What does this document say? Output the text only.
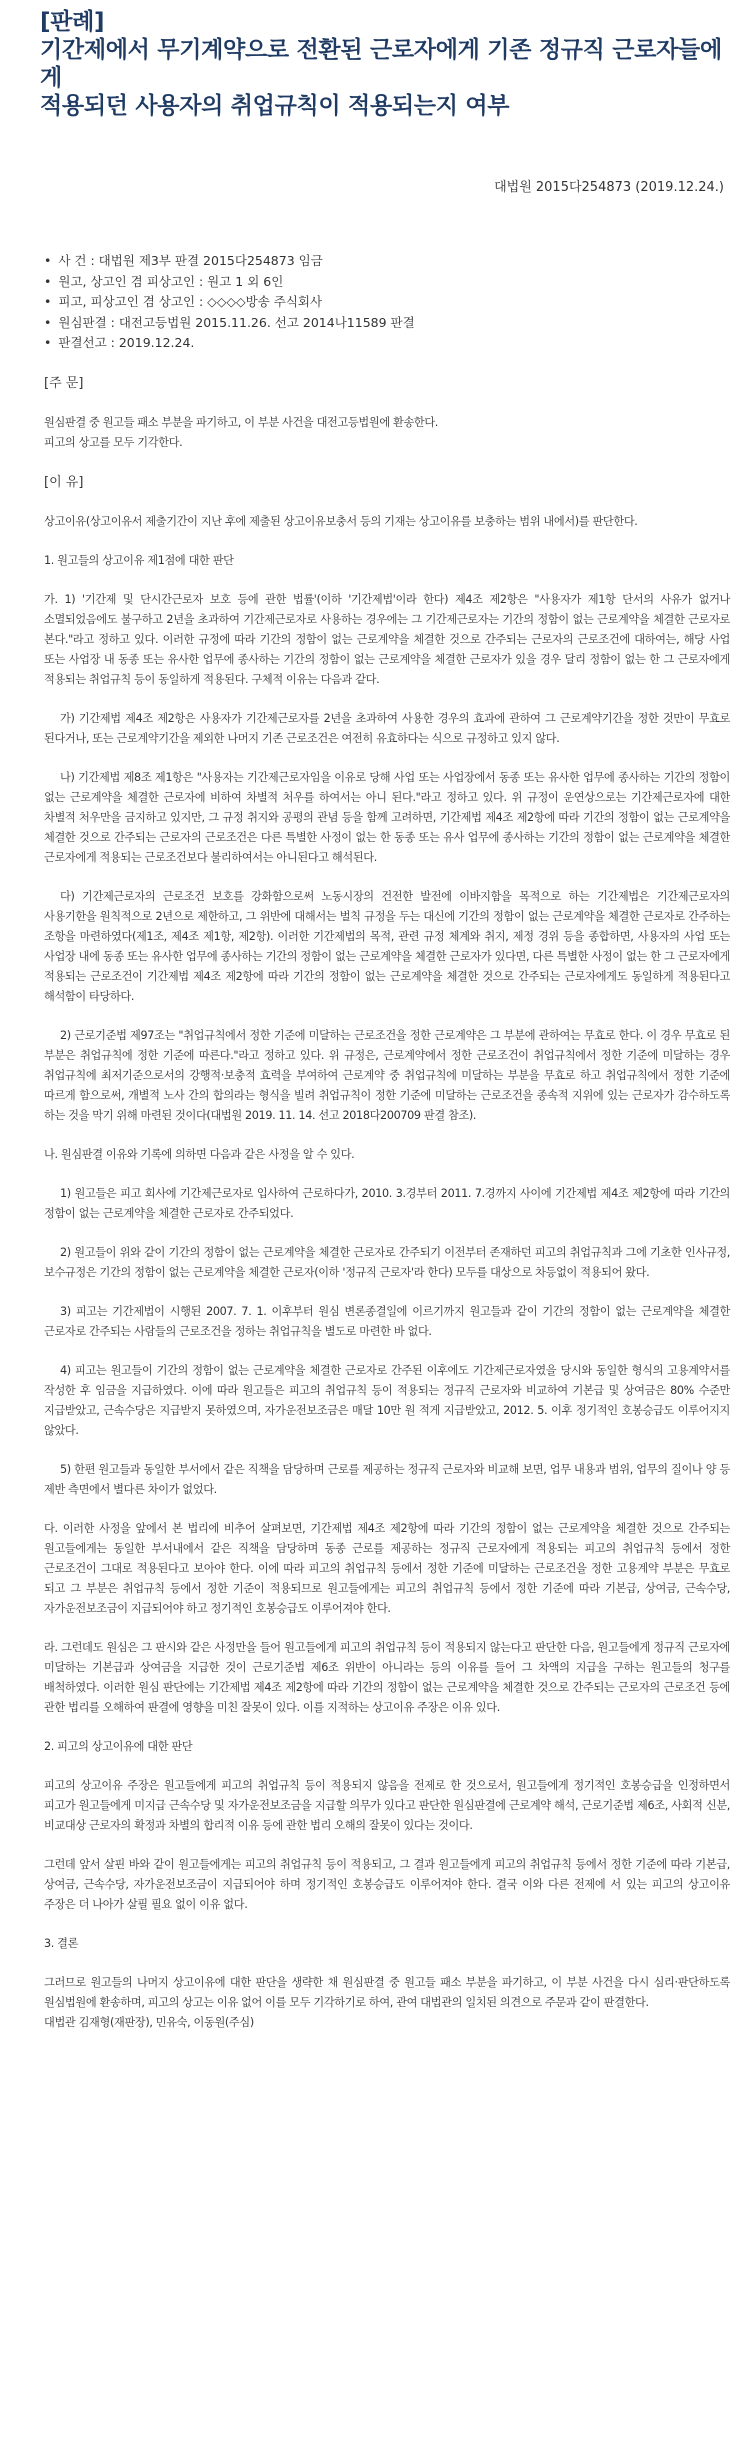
[판례]
기간제에서 무기계약으로 전환된 근로자에게 기존 정규직 근로자들에게
적용되던 사용자의 취업규칙이 적용되는지 여부
대법원 2015다254873 (2019.12.24.)
• 사 건 : 대법원 제3부 판결 2015다254873 임금
• 원고, 상고인 겸 피상고인 : 원고 1 외 6인
• 피고, 피상고인 겸 상고인 : ◇◇◇◇방송 주식회사
• 원심판결 : 대전고등법원 2015.11.26. 선고 2014나11589 판결
• 판결선고 : 2019.12.24.
[주 문]

원심판결 중 원고들 패소 부분을 파기하고, 이 부분 사건을 대전고등법원에 환송한다.

피고의 상고를 모두 기각한다.

[이 유]

상고이유(상고이유서 제출기간이 지난 후에 제출된 상고이유보충서 등의 기재는 상고이유를 보충하는 범위 내에서)를 판단한다.

1. 원고들의 상고이유 제1점에 대한 판단

가. 1) '기간제 및 단시간근로자 보호 등에 관한 법률'(이하 '기간제법'이라 한다) 제4조 제2항은 "사용자가 제1항 단서의 사유가 없거나 소멸되었음에도 불구하고 2년을 초과하여 기간제근로자로 사용하는 경우에는 그 기간제근로자는 기간의 정함이 없는 근로계약을 체결한 근로자로 본다."라고 정하고 있다. 이러한 규정에 따라 기간의 정함이 없는 근로계약을 체결한 것으로 간주되는 근로자의 근로조건에 대하여는, 해당 사업 또는 사업장 내 동종 또는 유사한 업무에 종사하는 기간의 정함이 없는 근로계약을 체결한 근로자가 있을 경우 달리 정함이 없는 한 그 근로자에게 적용되는 취업규칙 등이 동일하게 적용된다. 구체적 이유는 다음과 같다.

가) 기간제법 제4조 제2항은 사용자가 기간제근로자를 2년을 초과하여 사용한 경우의 효과에 관하여 그 근로계약기간을 정한 것만이 무효로 된다거나, 또는 근로계약기간을 제외한 나머지 기존 근로조건은 여전히 유효하다는 식으로 규정하고 있지 않다.

나) 기간제법 제8조 제1항은 "사용자는 기간제근로자임을 이유로 당해 사업 또는 사업장에서 동종 또는 유사한 업무에 종사하는 기간의 정함이 없는 근로계약을 체결한 근로자에 비하여 차별적 처우를 하여서는 아니 된다."라고 정하고 있다. 위 규정이 운연상으로는 기간제근로자에 대한 차별적 처우만을 금지하고 있지만, 그 규정 취지와 공평의 관념 등을 함께 고려하면, 기간제법 제4조 제2항에 따라 기간의 정함이 없는 근로계약을 체결한 것으로 간주되는 근로자의 근로조건은 다른 특별한 사정이 없는 한 동종 또는 유사 업무에 종사하는 기간의 정함이 없는 근로계약을 체결한 근로자에게 적용되는 근로조건보다 불리하여서는 아니된다고 해석된다.

다) 기간제근로자의 근로조건 보호를 강화함으로써 노동시장의 건전한 발전에 이바지함을 목적으로 하는 기간제법은 기간제근로자의 사용기한을 원칙적으로 2년으로 제한하고, 그 위반에 대해서는 벌칙 규정을 두는 대신에 기간의 정함이 없는 근로계약을 체결한 근로자로 간주하는 조항을 마련하였다(제1조, 제4조 제1항, 제2항). 이러한 기간제법의 목적, 관련 규정 체계와 취지, 제정 경위 등을 종합하면, 사용자의 사업 또는 사업장 내에 동종 또는 유사한 업무에 종사하는 기간의 정함이 없는 근로계약을 체결한 근로자가 있다면, 다른 특별한 사정이 없는 한 그 근로자에게 적용되는 근로조건이 기간제법 제4조 제2항에 따라 기간의 정함이 없는 근로계약을 체결한 것으로 간주되는 근로자에게도 동일하게 적용된다고 해석함이 타당하다.

2) 근로기준법 제97조는 "취업규칙에서 정한 기준에 미달하는 근로조건을 정한 근로계약은 그 부분에 관하여는 무효로 한다. 이 경우 무효로 된 부분은 취업규칙에 정한 기준에 따른다."라고 정하고 있다. 위 규정은, 근로계약에서 정한 근로조건이 취업규칙에서 정한 기준에 미달하는 경우 취업규칙에 최저기준으로서의 강행적·보충적 효력을 부여하여 근로계약 중 취업규칙에 미달하는 부분을 무효로 하고 취업규칙에서 정한 기준에 따르게 함으로써, 개별적 노사 간의 합의라는 형식을 빌려 취업규칙이 정한 기준에 미달하는 근로조건을 종속적 지위에 있는 근로자가 감수하도록 하는 것을 막기 위해 마련된 것이다(대법원 2019. 11. 14. 선고 2018다200709 판결 참조).

나. 원심판결 이유와 기록에 의하면 다음과 같은 사정을 알 수 있다.

1) 원고들은 피고 회사에 기간제근로자로 입사하여 근로하다가, 2010. 3.경부터 2011. 7.경까지 사이에 기간제법 제4조 제2항에 따라 기간의 정함이 없는 근로계약을 체결한 근로자로 간주되었다.

2) 원고들이 위와 같이 기간의 정함이 없는 근로계약을 체결한 근로자로 간주되기 이전부터 존재하던 피고의 취업규칙과 그에 기초한 인사규정, 보수규정은 기간의 정함이 없는 근로계약을 체결한 근로자(이하 '정규직 근로자'라 한다) 모두를 대상으로 차등없이 적용되어 왔다.

3) 피고는 기간제법이 시행된 2007. 7. 1. 이후부터 원심 변론종결일에 이르기까지 원고들과 같이 기간의 정함이 없는 근로계약을 체결한 근로자로 간주되는 사람들의 근로조건을 정하는 취업규칙을 별도로 마련한 바 없다.

4) 피고는 원고들이 기간의 정함이 없는 근로계약을 체결한 근로자로 간주된 이후에도 기간제근로자였을 당시와 동일한 형식의 고용계약서를 작성한 후 임금을 지급하였다. 이에 따라 원고들은 피고의 취업규칙 등이 적용되는 정규직 근로자와 비교하여 기본급 및 상여금은 80% 수준만 지급받았고, 근속수당은 지급받지 못하였으며, 자가운전보조금은 매달 10만 원 적게 지급받았고, 2012. 5. 이후 정기적인 호봉승급도 이루어지지 않았다.

5) 한편 원고들과 동일한 부서에서 같은 직책을 담당하며 근로를 제공하는 정규직 근로자와 비교해 보면, 업무 내용과 범위, 업무의 질이나 양 등 제반 측면에서 별다른 차이가 없었다.

다. 이러한 사정을 앞에서 본 법리에 비추어 살펴보면, 기간제법 제4조 제2항에 따라 기간의 정함이 없는 근로계약을 체결한 것으로 간주되는 원고들에게는 동일한 부서내에서 같은 직책을 담당하며 동종 근로를 제공하는 정규직 근로자에게 적용되는 피고의 취업규칙 등에서 정한 근로조건이 그대로 적용된다고 보아야 한다. 이에 따라 피고의 취업규칙 등에서 정한 기준에 미달하는 근로조건을 정한 고용계약 부분은 무효로 되고 그 부분은 취업규칙 등에서 정한 기준이 적용되므로 원고들에게는 피고의 취업규칙 등에서 정한 기준에 따라 기본급, 상여금, 근속수당, 자가운전보조금이 지급되어야 하고 정기적인 호봉승급도 이루어져야 한다.

라. 그런데도 원심은 그 판시와 같은 사정만을 들어 원고들에게 피고의 취업규칙 등이 적용되지 않는다고 판단한 다음, 원고들에게 정규직 근로자에 미달하는 기본급과 상여금을 지급한 것이 근로기준법 제6조 위반이 아니라는 등의 이유를 들어 그 차액의 지급을 구하는 원고들의 청구를 배척하였다. 이러한 원심 판단에는 기간제법 제4조 제2항에 따라 기간의 정함이 없는 근로계약을 체결한 것으로 간주되는 근로자의 근로조건 등에 관한 법리를 오해하여 판결에 영향을 미친 잘못이 있다. 이를 지적하는 상고이유 주장은 이유 있다.

2. 피고의 상고이유에 대한 판단

피고의 상고이유 주장은 원고들에게 피고의 취업규칙 등이 적용되지 않음을 전제로 한 것으로서, 원고들에게 정기적인 호봉승급을 인정하면서 피고가 원고들에게 미지급 근속수당 및 자가운전보조금을 지급할 의무가 있다고 판단한 원심판결에 근로계약 해석, 근로기준법 제6조, 사회적 신분, 비교대상 근로자의 확정과 차별의 합리적 이유 등에 관한 법리 오해의 잘못이 있다는 것이다.

그런데 앞서 살핀 바와 같이 원고들에게는 피고의 취업규칙 등이 적용되고, 그 결과 원고들에게 피고의 취업규칙 등에서 정한 기준에 따라 기본급, 상여금, 근속수당, 자가운전보조금이 지급되어야 하며 정기적인 호봉승급도 이루어져야 한다. 결국 이와 다른 전제에 서 있는 피고의 상고이유 주장은 더 나아가 살필 필요 없이 이유 없다.

3. 결론

그러므로 원고들의 나머지 상고이유에 대한 판단을 생략한 채 원심판결 중 원고들 패소 부분을 파기하고, 이 부분 사건을 다시 심리·판단하도록 원심법원에 환송하며, 피고의 상고는 이유 없어 이를 모두 기각하기로 하여, 관여 대법관의 일치된 의견으로 주문과 같이 판결한다.

대법관 김재형(재판장), 민유숙, 이동원(주심)
